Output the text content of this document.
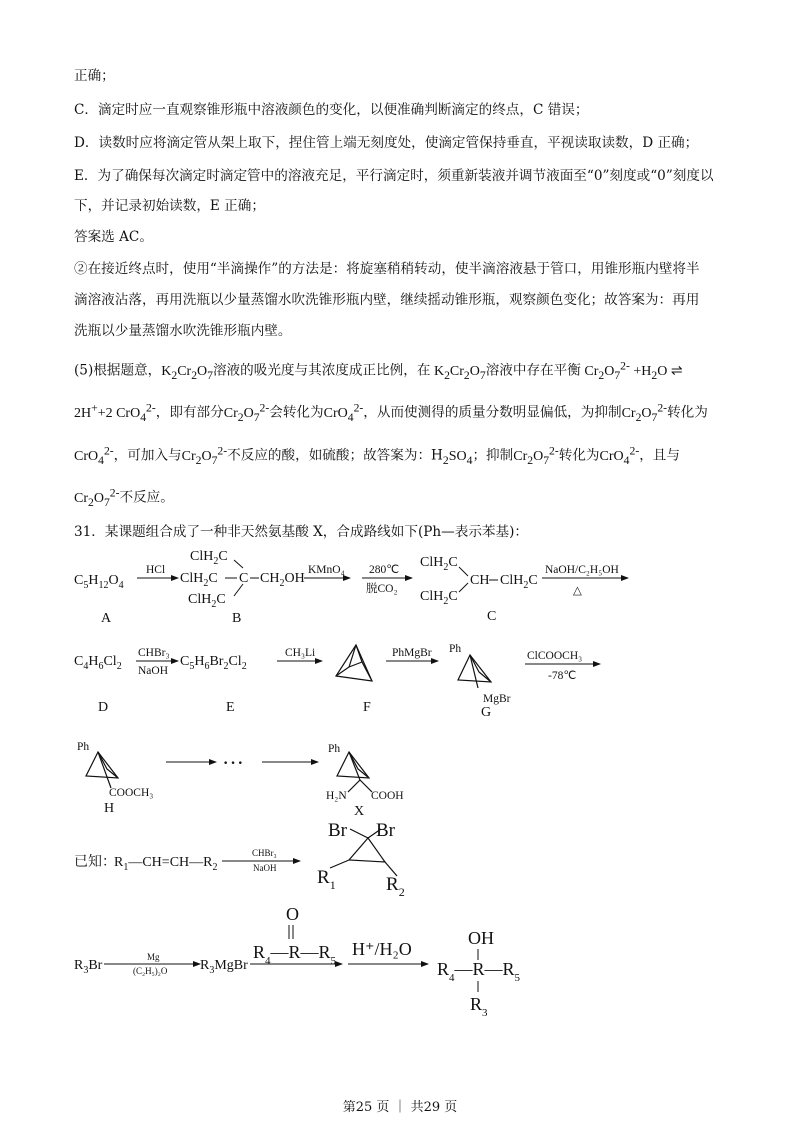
正确；
C．滴定时应一直观察锥形瓶中溶液颜色的变化，以便准确判断滴定的终点，C 错误；
D．读数时应将滴定管从架上取下，捏住管上端无刻度处，使滴定管保持垂直，平视读取读数，D 正确；
E．为了确保每次滴定时滴定管中的溶液充足，平行滴定时，须重新装液并调节液面至“0”刻度或“0”刻度以
下，并记录初始读数，E 正确；
答案选 AC。
②在接近终点时，使用“半滴操作”的方法是：将旋塞稍稍转动，使半滴溶液悬于管口，用锥形瓶内壁将半
滴溶液沾落，再用洗瓶以少量蒸馏水吹洗锥形瓶内壁，继续摇动锥形瓶，观察颜色变化；故答案为：再用
洗瓶以少量蒸馏水吹洗锥形瓶内壁。
(5)根据题意，$K_2Cr_2O_7$溶液的吸光度与其浓度成正比例，在 $K_2Cr_2O_7$溶液中存在平衡 $Cr_2O_7^{2-} +H_2O$ ⇌
2H++2 CrO$_4^{2-}$，即有部分$Cr_2O_7^{2-}$会转化为CrO$_4^{2-}$，从而使测得的质量分数明显偏低，为抑制$Cr_2O_7^{2-}$转化为
CrO$_4^{2-}$，可加入与$Cr_2O_7^{2-}$不反应的酸，如硫酸；故答案为：$H_2SO_4$；抑制$Cr_2O_7^{2-}$转化为CrO$_4^{2-}$，且与
$Cr_2O_7^{2-}$不反应。
31．某课题组合成了一种非天然氨基酸 X，合成路线如下(Ph—表示苯基)：
$C_5H_{12}O_4$
HCl
ClH$_2$C
ClH$_2$C
ClH$_2$C
C $CH_2OH$
KMnO₄ 280℃
脱CO₂
ClH$_2$C
ClH$_2$C
CH ClH$_2$C
NaOH/C₂H₅OH
△
A	B	C
$C_4H_6Cl_2$
CHBr₃
NaOH
$C_5H_6Br_2Cl_2$
CH₃Li	PhMgBr Ph
MgBr
ClCOOCH₃
-78℃
D	E	F	G
Ph
COOCH₃
H
···
Ph
H₂N COOH
X
已知：
$R_1—CH=CH—R_2$
CHBr₃
NaOH
Br Br
$R_1$	$R_2$
$R_3Br$
Mg
(C₂H₅)₂O $R_3MgBr$
O
$R_4—R—R_5$
H⁺/H₂O
OH
$R_4—R—R_5$
$R_3$
第25 页 ｜ 共29 页
